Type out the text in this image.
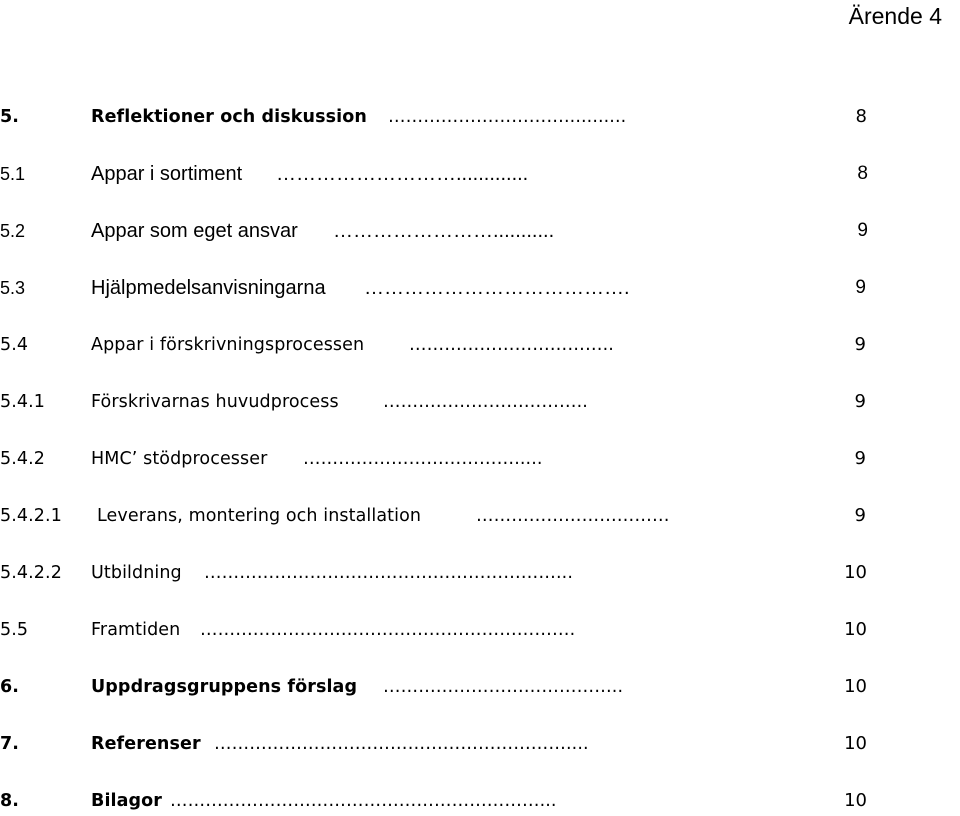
Ärende 4
5.	Reflektioner och diskussion …………………………...........	8
5.1	Appar i sortiment ……………………….............	8
5.2	Appar som eget ansvar ……………………...........	9
5.3	Hjälpmedelsanvisningarna ………………………………….	9
5.4	Appar i förskrivningsprocessen	……………………………..	9
5.4.1	Förskrivarnas huvudprocess	……………………………..	9
5.4.2	HMC’ stödprocesser ……………………………….....	9
5.4.2.1 Leverans, montering och installation	……………………………	9
5.4.2.2 Utbildning ……………………………………………………...	10
5.5	Framtiden ……………………………………………………….	10
6.	Uppdragsgruppens förslag …………………………………..	10
7.	Referenser ……………………………………………………....	10
8.	Bilagor ………………………………………………………...	10
